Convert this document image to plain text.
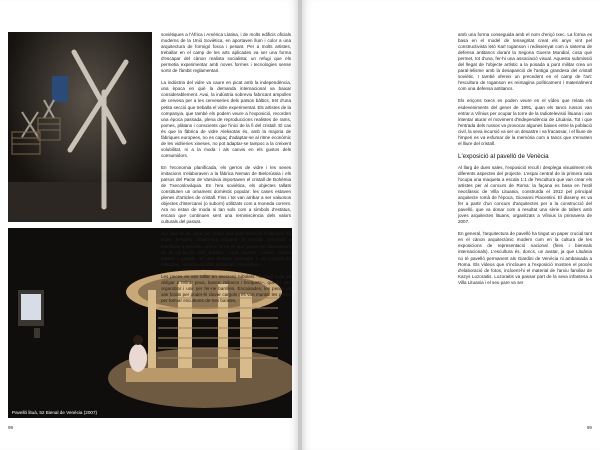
Pavelló lituà, 52 Bienal de Venècia (2007)

soviètiques a l'Àfrica i Amèrica Llatina, i de molts edificis oficials moderns de la Unió Soviètica, en aportaven llum i color a una arquitectura de formigó fosca i pesant. Per a molts artistes, treballar en el camp de les arts aplicades va ser una forma d'escapar del cànon realista socialista; un refugi que els permetia experimentar amb noves formes i tecnologies sense sortir de l'àmbit reglamentari.

La indústria del vidre va caure en picat amb la independència, una època en què la demanda internacional va baixar considerablement. Avui, la indústria sobreviu fabricant ampolles de cervesa per a les cerveseries dels països bàltics, tret d'una petita secció que treballa el vidre experimental. Els artistes de la companyia, que també els podem veure a l'exposició, recorden una època passada, plena de reproduccions realistes de rams, pomes, plàtans i conscients que l'inici de la fi del cristall. El cas és que la fàbrica de vidre Aleksotas és, amb la majoria de fàbriques europees, no es capaç d'adaptar-se al ritme econòmic de les vidrieries xineses, no pot adaptar-se tampoc a la creixent volubilitat, ni a la moda i als canvis en els gustos dels consumidors.

En l'economia planificada, els gerros de vidre i les seves imitacions s'elaboraven a la fàbrica Neman de Bielorússia i els països del Pacte de Varsòvia importaven el cristall de Bohèmia de Txecoslovàquia. En l'era soviètica, els objectes tallats constituïen un ornament domèstic popular: les cases estaven plenes d'articles de cristall. Fins i tot van arribar a ser valuosos objectes d'intercanvi (o suborn) utilitzats com a moneda corrent. Ara no estan de moda ni tan sols com a símbols d'estatus, encara que continuen sent una reminiscència dels valors culturals del passat.

Així que es va optar per reunir una gran selecció d'objectes de vidre, després d'haver-los comprat al mercat, demanat o manllevat a parents i amics, si no és que provenien directament de la col·lecció dels artistes. Cada objecte –vasos, copes, tasses i gerros– té una història particular i un conjunt de relacions, i suscita records personals i col·lectius.

Les peces es van tallar en seccions tubulars –la qual cosa va obligar a retirar peus, bases, mànecs i broquets–, que es van organitzar i unir per fer-ne barrilles. Encaixades, les peces es van forats per poder-hi clavar cargols i es van muntar les peces per formar escultures de tres bandes,

98

amb una forma conseguida amb el nom d'eriçó txec. La forma es basa en el model de tensegritat creat els anys vint pel constructivista letó Karl Ioganson i redissenyat com a sistema de defensa antitancs durant la Segona Guerra Mundial, cosa que permet, tot d'una, fer-hi una associació visual. Aquesta submissió del llegat de l'objecte artístic a la posada a punt militar crea un paral·lelisme amb la desaparició de l'antiga grandesa del cristall soviètic. I també ofereix un precedent en el camp de l'art: l'escultura de Ioganson es reimagina políticament i materialment com una defensa antitancs.

Els eriçons txecs es poden veure en el vídeo que relata els esdeveniments del gener de 1991, quan els tancs russos van entrar a Vílnius per ocupar la torre de la radiotelevisió lituana i van intentar aturar el moviment d'independència de Lituània. Tot i que l'entrada dels russos va provocar algunes baixes entre la població civil, la seva incursió va ser un desastre i va fracassar, i el lliure de l'imperi es va esfumar de la memòria com a tancs que s'envaïen el lliure del cristall.

L'exposició al pavelló de Venècia

Al llarg de dues sales, l'exposició recull i desplega visualment els diferents aspectes del projecte. L'espai central de la primera sala l'ocupa una maqueta a escala 1:1 de l'escultura que van crear els artistes per al concurs de Roma: la façana es basa en l'estil neoclàssic de Villa Lituania, construïda el 1912 pel principal arquitecte romà de l'època, Giovanni Piacentini. El disseny es va fer a partir d'un concurs d'arquitectes per a la construcció del pavelló, que va donar com a resultat una sèrie de tallers amb joves arquitectes lituans, organitzats a Vílnius la primavera de 2007.

En general, l'arquitectura de pavelló ha tingut un paper crucial tant en el cànon arquitectònic modern com en la cultura de les exposicions de representació nacional (fires i biennals internacionals). L'escultura és, doncs, un avatar, ja que Lituània no té pavelló permanent als Giardini de Venècia ni ambaixada a Roma. Els vídeos que s'inclouen a l'exposició mostren el procés d'elaboració de fotos, incloent-hi el material de l'arxiu familiar de Kazys Lozoraitis. Lozoraitis va passar part de la seva infantesa a Villa Lituania i el seu pare va ser

99
